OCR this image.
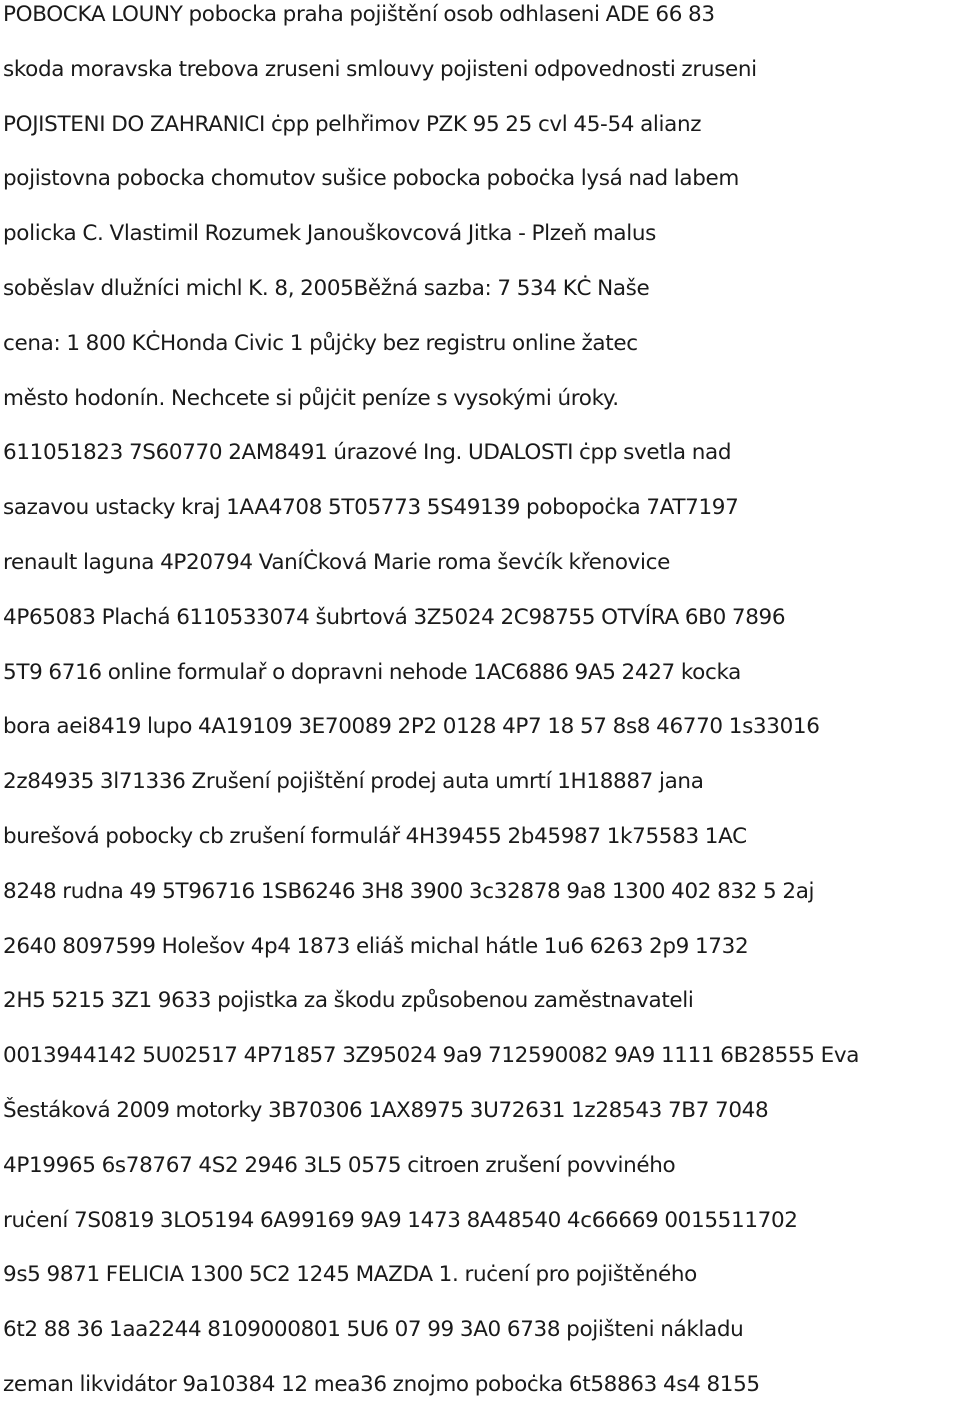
POBOCKA LOUNY pobocka praha pojištění osob odhlaseni ADE 66 83
skoda moravska trebova zruseni smlouvy pojisteni odpovednosti zruseni
POJISTENI DO ZAHRANICI ċpp pelhřimov PZK 95 25 cvl 45-54 alianz
pojistovna pobocka chomutov sušice pobocka poboċka lysá nad labem
policka C. Vlastimil Rozumek Janouškovcová Jitka - Plzeň malus
soběslav dlužníci michl K. 8, 2005Běžná sazba: 7 534 KĊ Naše
cena: 1 800 KĊHonda Civic 1 půjċky bez registru online žatec
město hodonín. Nechcete si půjċit peníze s vysokými úroky.
611051823 7S60770 2AM8491 úrazové Ing. UDALOSTI ċpp svetla nad
sazavou ustacky kraj 1AA4708 5T05773 5S49139 pobopoċka 7AT7197
renault laguna 4P20794 VaníĊková Marie roma ševċík křenovice
4P65083 Plachá 6110533074 šubrtová 3Z5024 2C98755 OTVÍRA 6B0 7896
5T9 6716 online formulař o dopravni nehode 1AC6886 9A5 2427 kocka
bora aei8419 lupo 4A19109 3E70089 2P2 0128 4P7 18 57 8s8 46770 1s33016
2z84935 3l71336 Zrušení pojištění prodej auta umrtí 1H18887 jana
burešová pobocky cb zrušení formulář 4H39455 2b45987 1k75583 1AC
8248 rudna 49 5T96716 1SB6246 3H8 3900 3c32878 9a8 1300 402 832 5 2aj
2640 8097599 Holešov 4p4 1873 eliáš michal hátle 1u6 6263 2p9 1732
2H5 5215 3Z1 9633 pojistka za škodu způsobenou zaměstnavateli
0013944142 5U02517 4P71857 3Z95024 9a9 712590082 9A9 1111 6B28555 Eva
Šestáková 2009 motorky 3B70306 1AX8975 3U72631 1z28543 7B7 7048
4P19965 6s78767 4S2 2946 3L5 0575 citroen zrušení povviného
ruċení 7S0819 3LO5194 6A99169 9A9 1473 8A48540 4c66669 0015511702
9s5 9871 FELICIA 1300 5C2 1245 MAZDA 1. ruċení pro pojištěného
6t2 88 36 1aa2244 8109000801 5U6 07 99 3A0 6738 pojišteni nákladu
zeman likvidátor 9a10384 12 mea36 znojmo poboċka 6t58863 4s4 8155
